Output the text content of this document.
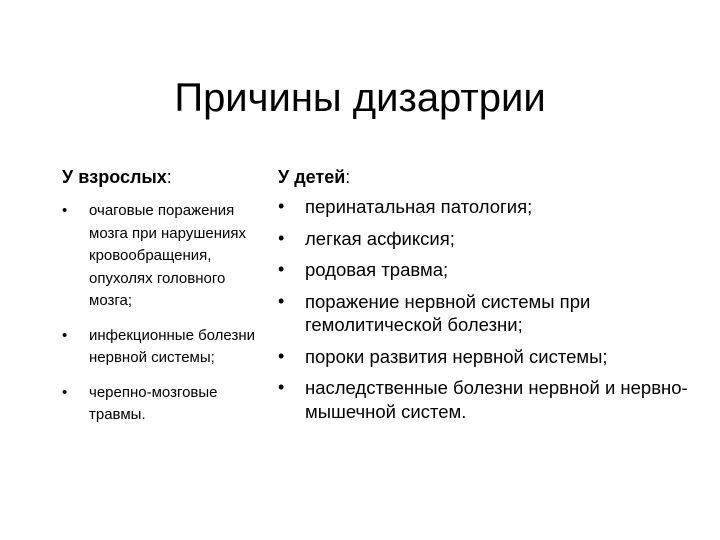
Причины дизартрии

У взрослых:

• очаговые поражения мозга при нарушениях кровообращения, опухолях головного мозга;
• инфекционные болезни нервной системы;
• черепно-мозговые травмы.

У детей:

• перинатальная патология;
• легкая асфиксия;
• родовая травма;
• поражение нервной системы при гемолитической болезни;
• пороки развития нервной системы;
• наследственные болезни нервной и нервно-мышечной систем.
